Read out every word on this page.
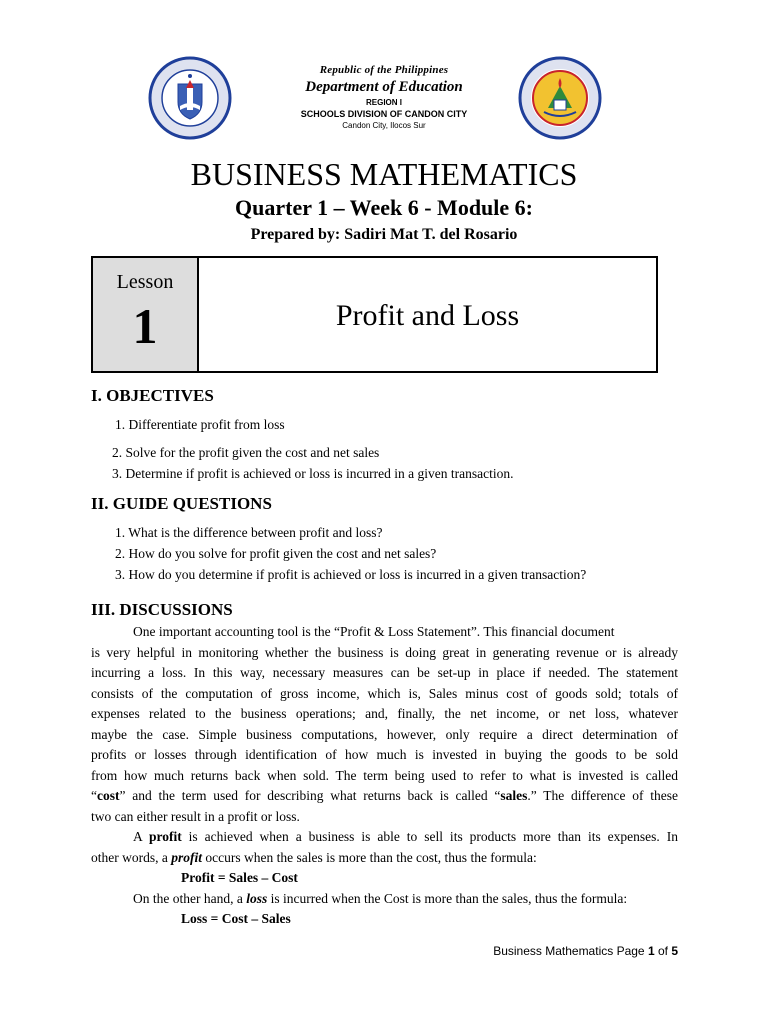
Republic of the Philippines
Department of Education
REGION I
SCHOOLS DIVISION OF CANDON CITY
Candon City, Ilocos Sur
BUSINESS MATHEMATICS
Quarter 1 – Week 6 - Module 6:
Prepared by: Sadiri Mat T. del Rosario
Lesson
1	Profit and Loss
I. OBJECTIVES
1. Differentiate profit from loss
2. Solve for the profit given the cost and net sales
3. Determine if profit is achieved or loss is incurred in a given transaction.
II. GUIDE QUESTIONS
1. What is the difference between profit and loss?
2. How do you solve for profit given the cost and net sales?
3. How do you determine if profit is achieved or loss is incurred in a given transaction?
III. DISCUSSIONS
One important accounting tool is the “Profit & Loss Statement”. This financial document
is very helpful in monitoring whether the business is doing great in generating revenue or is already
incurring a loss. In this way, necessary measures can be set-up in place if needed. The statement
consists of the computation of gross income, which is, Sales minus cost of goods sold; totals of
expenses related to the business operations; and, finally, the net income, or net loss, whatever
maybe the case. Simple business computations, however, only require a direct determination of
profits or losses through identification of how much is invested in buying the goods to be sold
from how much returns back when sold. The term being used to refer to what is invested is called
“cost” and the term used for describing what returns back is called “sales.” The difference of these
two can either result in a profit or loss.
A profit is achieved when a business is able to sell its products more than its expenses. In
other words, a profit occurs when the sales is more than the cost, thus the formula:
Profit = Sales – Cost
On the other hand, a loss is incurred when the Cost is more than the sales, thus the formula:
Loss = Cost – Sales
Business Mathematics Page 1 of 5
